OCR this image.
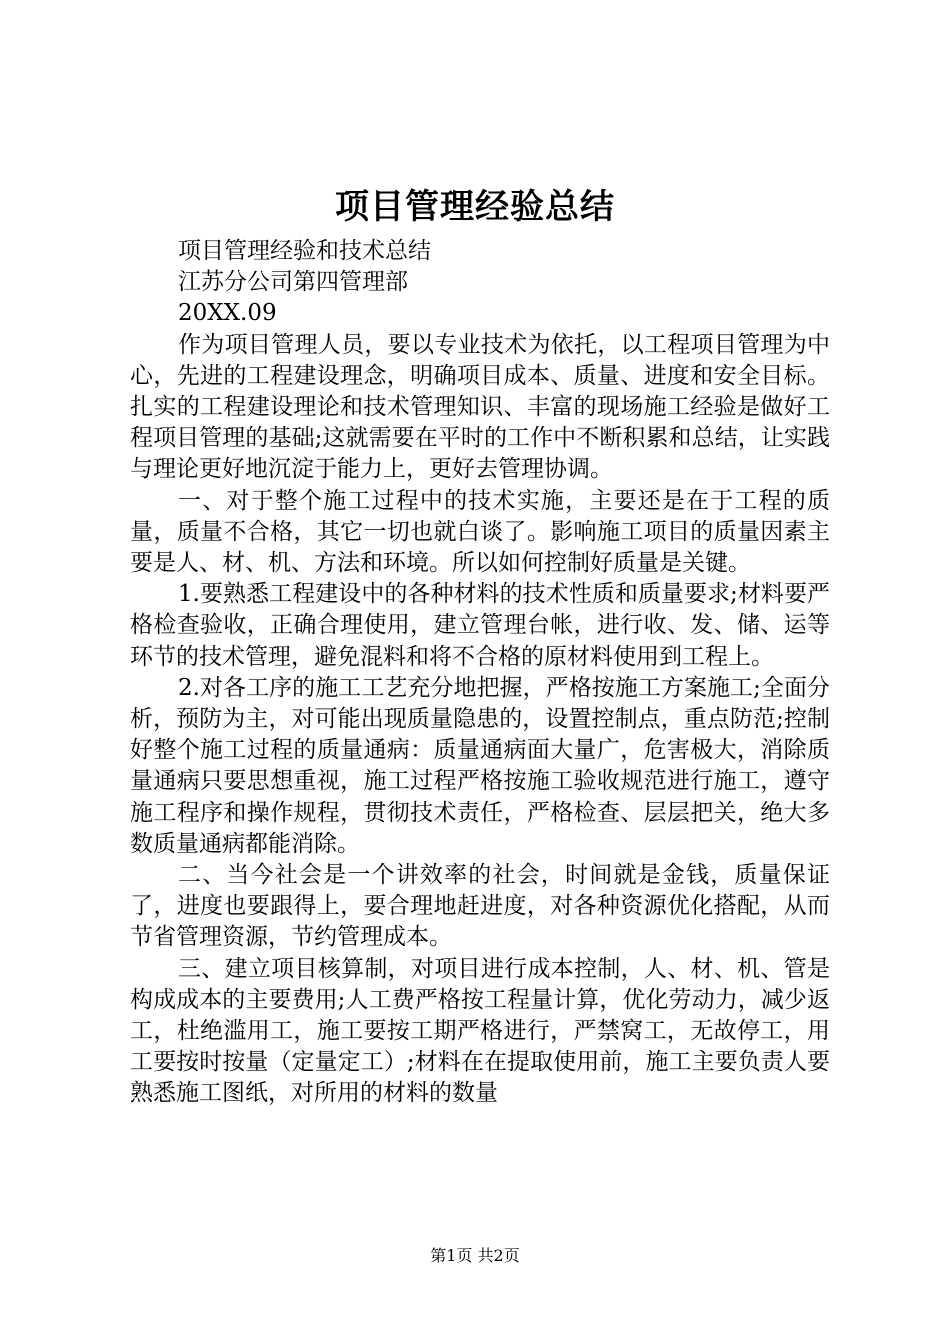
项目管理经验总结

项目管理经验和技术总结

江苏分公司第四管理部

20XX.09

作为项目管理人员，要以专业技术为依托，以工程项目管理为中心，先进的工程建设理念，明确项目成本、质量、进度和安全目标。扎实的工程建设理论和技术管理知识、丰富的现场施工经验是做好工程项目管理的基础;这就需要在平时的工作中不断积累和总结，让实践与理论更好地沉淀于能力上，更好去管理协调。

一、对于整个施工过程中的技术实施，主要还是在于工程的质量，质量不合格，其它一切也就白谈了。影响施工项目的质量因素主要是人、材、机、方法和环境。所以如何控制好质量是关键。

1.要熟悉工程建设中的各种材料的技术性质和质量要求;材料要严格检查验收，正确合理使用，建立管理台帐，进行收、发、储、运等环节的技术管理，避免混料和将不合格的原材料使用到工程上。

2.对各工序的施工工艺充分地把握，严格按施工方案施工;全面分析，预防为主，对可能出现质量隐患的，设置控制点，重点防范;控制好整个施工过程的质量通病：质量通病面大量广，危害极大，消除质量通病只要思想重视，施工过程严格按施工验收规范进行施工，遵守施工程序和操作规程，贯彻技术责任，严格检查、层层把关，绝大多数质量通病都能消除。

二、当今社会是一个讲效率的社会，时间就是金钱，质量保证了，进度也要跟得上，要合理地赶进度，对各种资源优化搭配，从而节省管理资源，节约管理成本。

三、建立项目核算制，对项目进行成本控制，人、材、机、管是构成成本的主要费用;人工费严格按工程量计算，优化劳动力，减少返工，杜绝滥用工，施工要按工期严格进行，严禁窝工，无故停工，用工要按时按量（定量定工）;材料在在提取使用前，施工主要负责人要熟悉施工图纸，对所用的材料的数量

第1页 共2页
